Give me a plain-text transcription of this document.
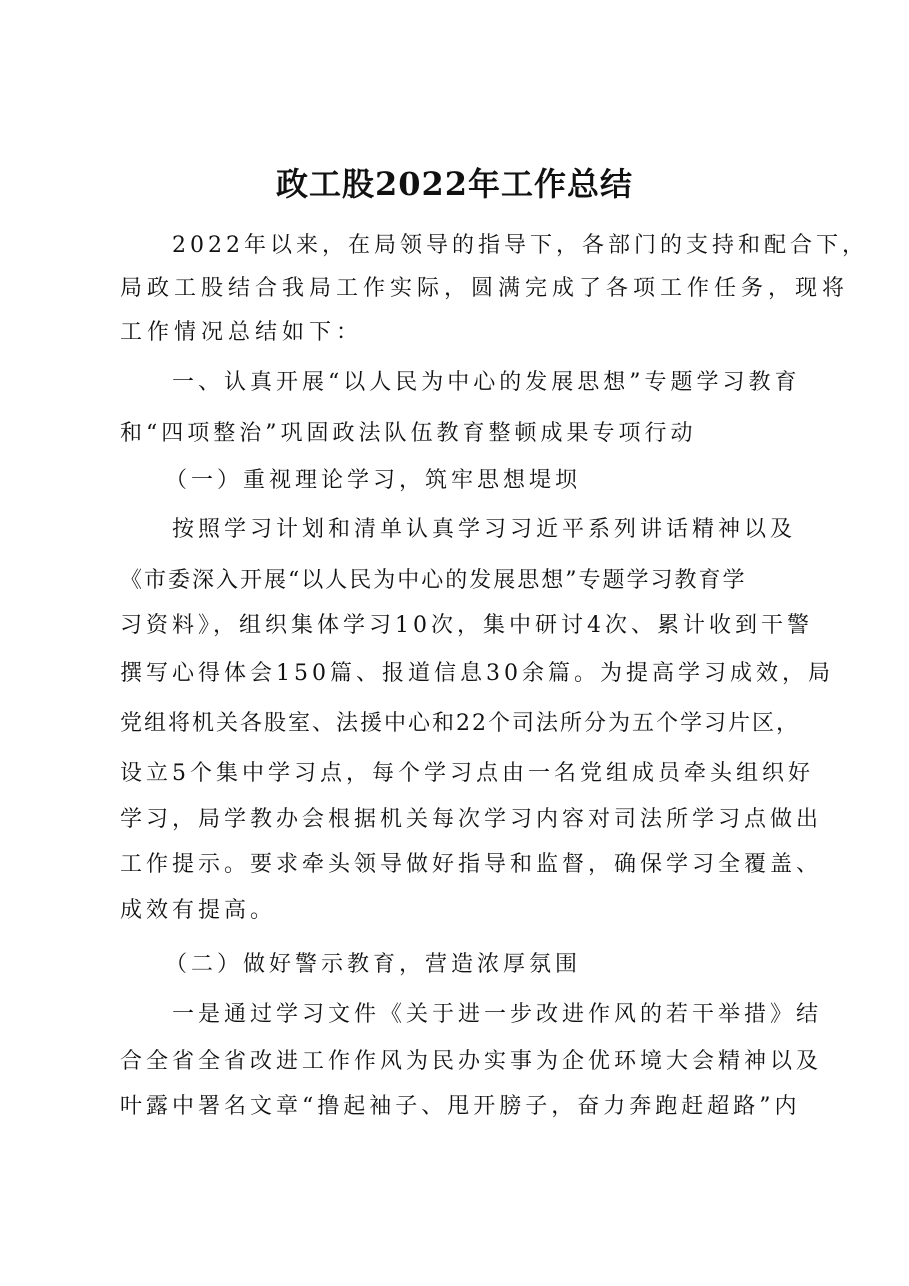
政工股2022年工作总结
2022年以来，在局领导的指导下，各部门的支持和配合下，
局政工股结合我局工作实际，圆满完成了各项工作任务，现将
工作情况总结如下：
一、认真开展“以人民为中心的发展思想”专题学习教育
和“四项整治”巩固政法队伍教育整顿成果专项行动
（一）重视理论学习，筑牢思想堤坝
按照学习计划和清单认真学习习近平系列讲话精神以及
《市委深入开展“以人民为中心的发展思想”专题学习教育学
习资料》，组织集体学习10次，集中研讨4次、累计收到干警
撰写心得体会150篇、报道信息30余篇。为提高学习成效，局
党组将机关各股室、法援中心和22个司法所分为五个学习片区，
设立5个集中学习点，每个学习点由一名党组成员牵头组织好
学习，局学教办会根据机关每次学习内容对司法所学习点做出
工作提示。要求牵头领导做好指导和监督，确保学习全覆盖、
成效有提高。
（二）做好警示教育，营造浓厚氛围
一是通过学习文件《关于进一步改进作风的若干举措》结
合全省全省改进工作作风为民办实事为企优环境大会精神以及
叶露中署名文章“撸起袖子、甩开膀子，奋力奔跑赶超路”内
